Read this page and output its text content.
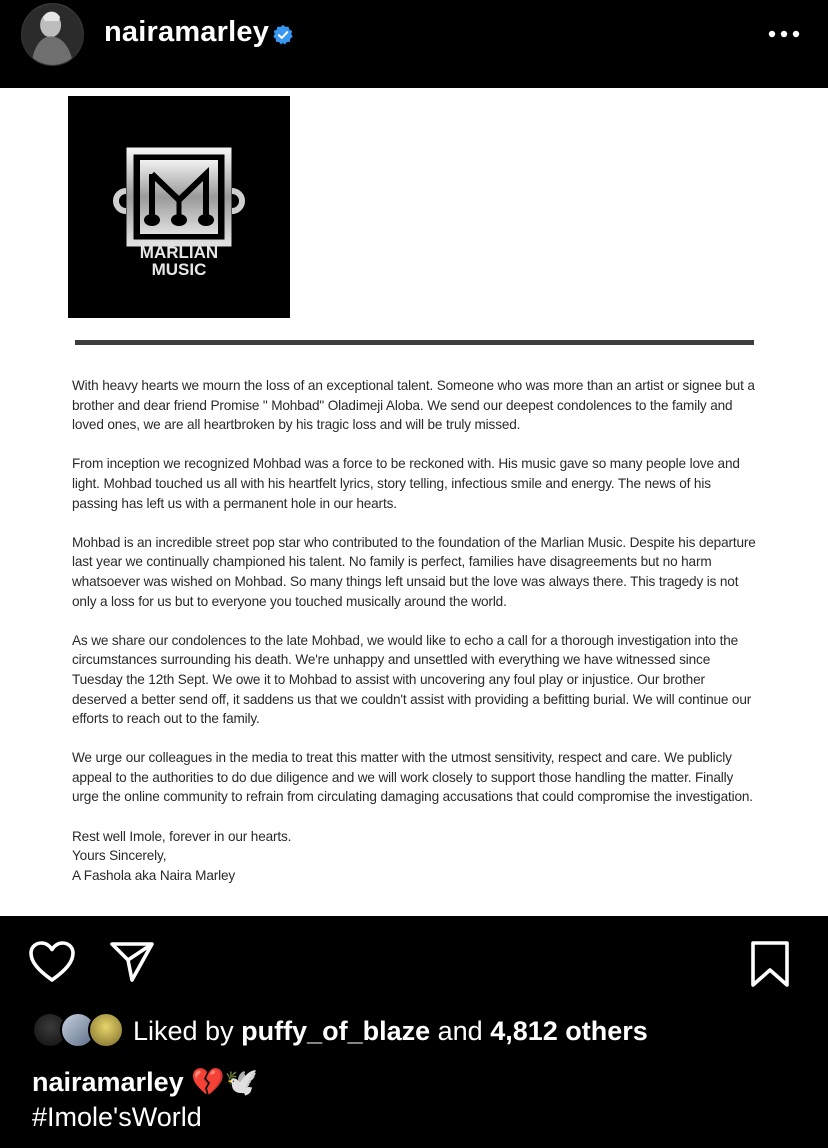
nairamarley
MARLIAN
MUSIC

With heavy hearts we mourn the loss of an exceptional talent. Someone who was more than an artist or signee but a brother and dear friend Promise " Mohbad" Oladimeji Aloba. We send our deepest condolences to the family and loved ones, we are all heartbroken by his tragic loss and will be truly missed.

From inception we recognized Mohbad was a force to be reckoned with. His music gave so many people love and light. Mohbad touched us all with his heartfelt lyrics, story telling, infectious smile and energy. The news of his passing has left us with a permanent hole in our hearts.

Mohbad is an incredible street pop star who contributed to the foundation of the Marlian Music. Despite his departure last year we continually championed his talent. No family is perfect, families have disagreements but no harm whatsoever was wished on Mohbad. So many things left unsaid but the love was always there. This tragedy is not only a loss for us but to everyone you touched musically around the world.

As we share our condolences to the late Mohbad, we would like to echo a call for a thorough investigation into the circumstances surrounding his death. We're unhappy and unsettled with everything we have witnessed since Tuesday the 12th Sept. We owe it to Mohbad to assist with uncovering any foul play or injustice. Our brother deserved a better send off, it saddens us that we couldn't assist with providing a befitting burial. We will continue our efforts to reach out to the family.

We urge our colleagues in the media to treat this matter with the utmost sensitivity, respect and care. We publicly appeal to the authorities to do due diligence and we will work closely to support those handling the matter. Finally urge the online community to refrain from circulating damaging accusations that could compromise the investigation.

Rest well Imole, forever in our hearts.
Yours Sincerely,
A Fashola aka Naira Marley
Liked by puffy_of_blaze and 4,812 others
nairamarley 💔🕊️
#Imole'sWorld
